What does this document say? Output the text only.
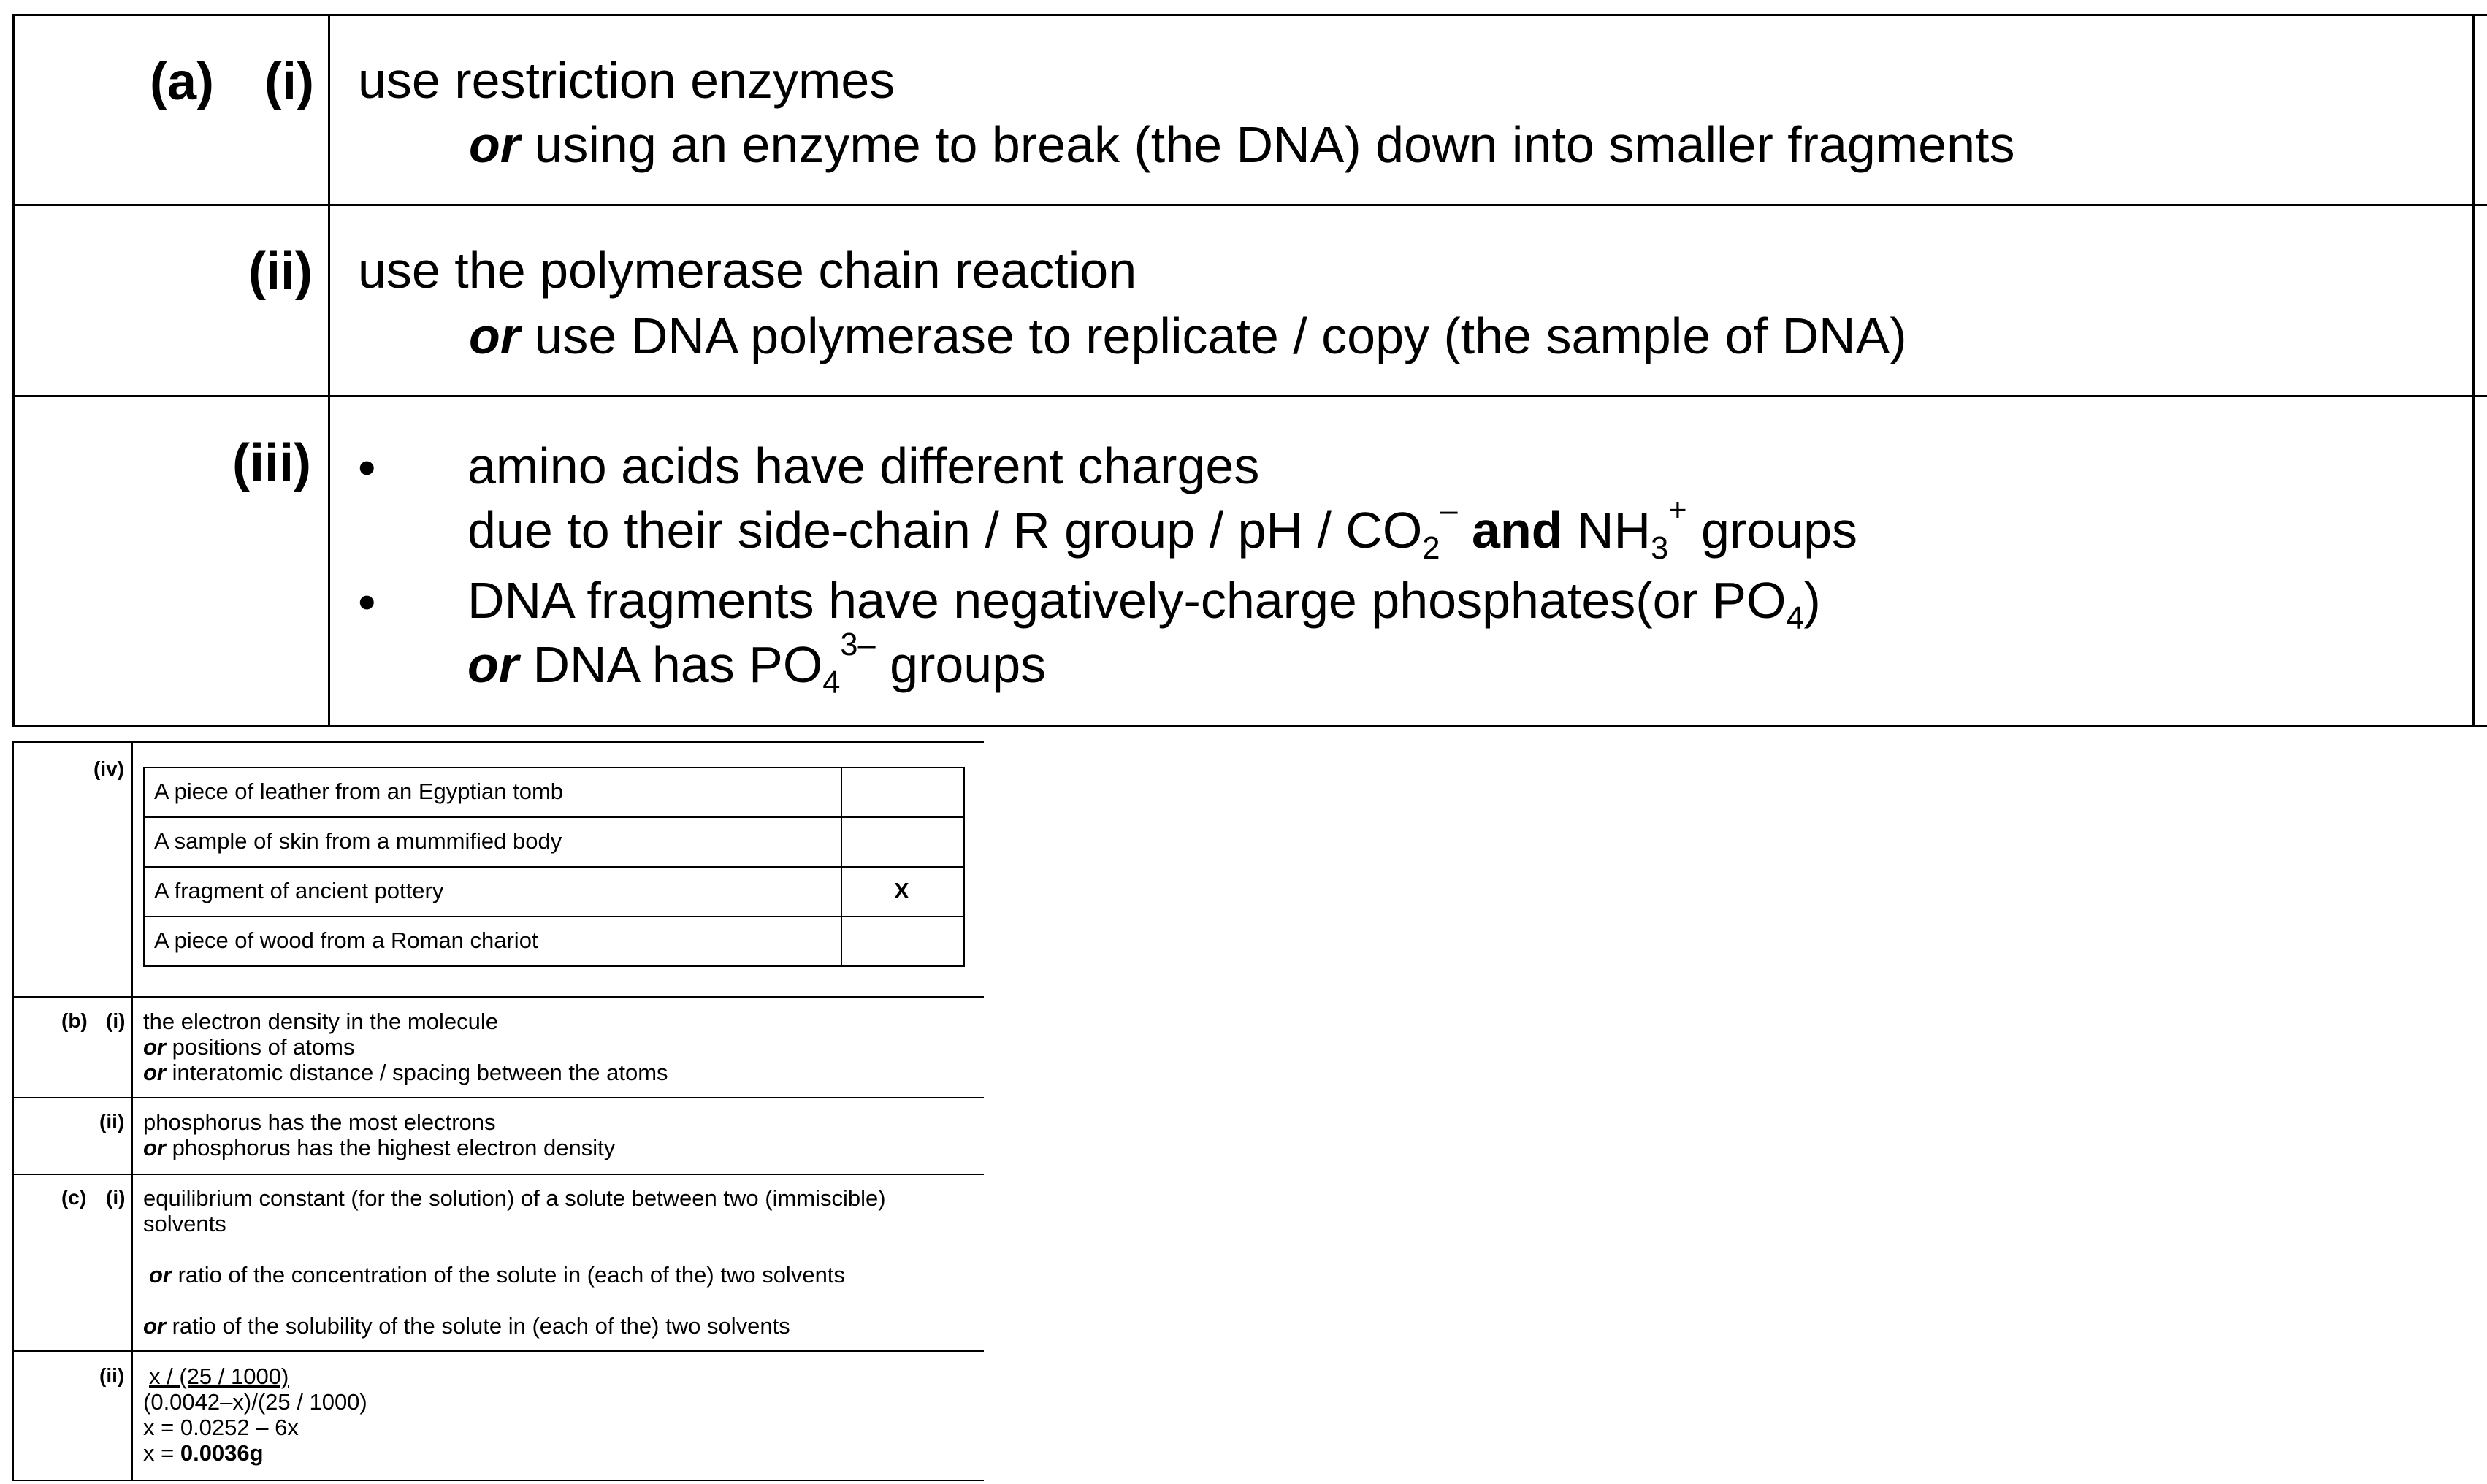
(a) (i) use restriction enzymes
or using an enzyme to break (the DNA) down into smaller fragments
(ii) use the polymerase chain reaction
or use DNA polymerase to replicate / copy (the sample of DNA)
(iii) • amino acids have different charges
due to their side-chain / R group / pH / $CO_2^-$ and $NH_3^+$ groups
• DNA fragments have negatively-charge phosphates(or $PO_4$)
or DNA has $PO_4^{3-}$ groups
(iv)
A piece of leather from an Egyptian tomb
A sample of skin from a mummified body
A fragment of ancient pottery	X
A piece of wood from a Roman chariot
(b) (i) the electron density in the molecule
or positions of atoms
or interatomic distance / spacing between the atoms
(ii) phosphorus has the most electrons
or phosphorus has the highest electron density
(c) (i) equilibrium constant (for the solution) of a solute between two (immiscible)
solvents
or ratio of the concentration of the solute in (each of the) two solvents
or ratio of the solubility of the solute in (each of the) two solvents
(ii) x / (25 / 1000)
(0.0042–x)/(25 / 1000)
x = 0.0252 – 6x
x = 0.0036g
